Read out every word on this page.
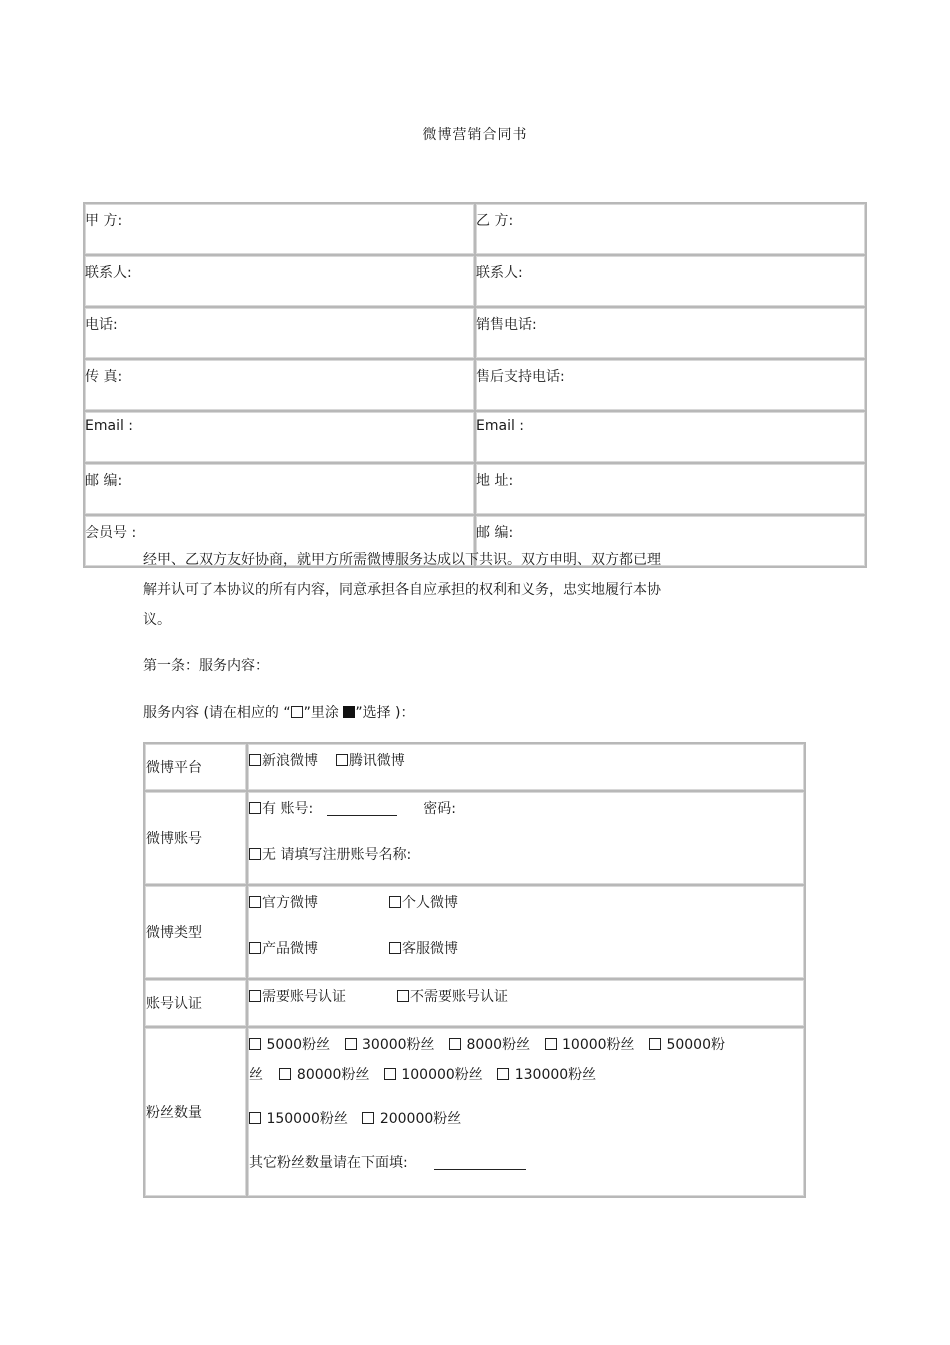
微博营销合同书
甲 方:	乙 方:
联系人:	联系人:
电话:	销售电话:
传 真:	售后支持电话:
Email :	Email :
邮 编:	地 址:
会员号 :	邮 编:
经甲、乙双方友好协商，就甲方所需微博服务达成以下共识。双方申明、双方都已理
解并认可了本协议的所有内容，同意承担各自应承担的权利和义务，忠实地履行本协
议。
第一条：服务内容：
服务内容 (请在相应的 “ ”里涂 ”选择 )：
微博平台	新浪微博 腾讯微博

微博账号	有 账号: 密码:
无 请填写注册账号名称:

微博类型	官方微博 个人微博
产品微博 客服微博

账号认证	需要账号认证 不需要账号认证

粉丝数量	5000粉丝 30000粉丝 8000粉丝 10000粉丝 50000粉
丝 80000粉丝 100000粉丝 130000粉丝
150000粉丝 200000粉丝
其它粉丝数量请在下面填:
